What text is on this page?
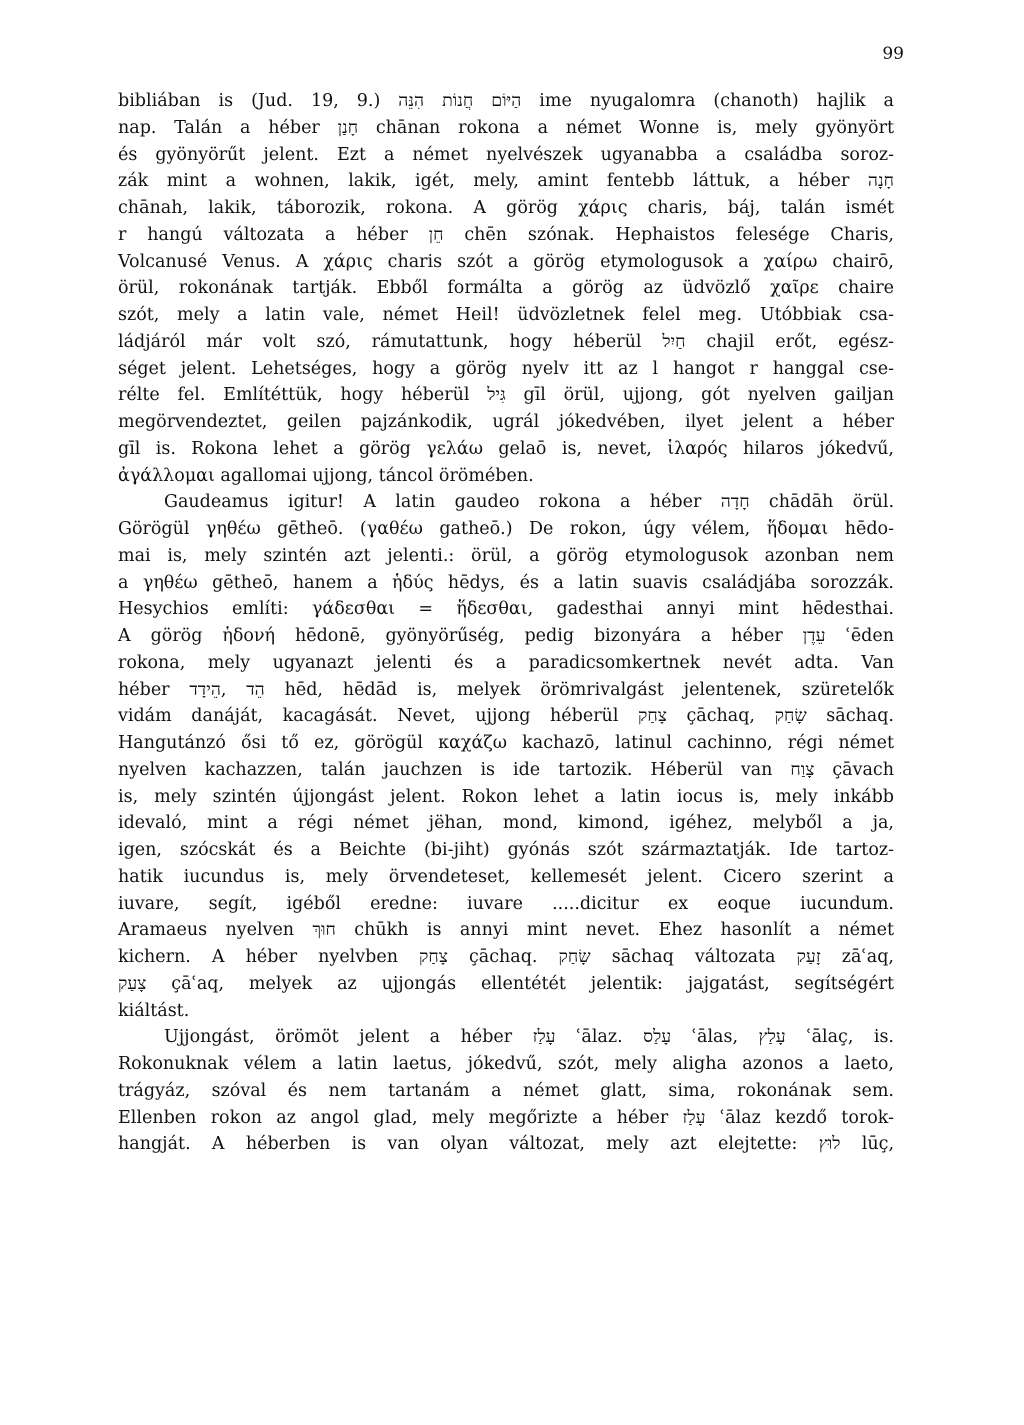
99
bibliában is (Jud. 19, 9.) הַיּוֹם חֲנוֹת הִנֵּה ime nyugalomra (chanoth) hajlik a
nap. Talán a héber חָנַן chānan rokona a német Wonne is, mely gyönyört
és gyönyörűt jelent. Ezt a német nyelvészek ugyanabba a családba soroz-
zák mint a wohnen, lakik, igét, mely, amint fentebb láttuk, a héber חָנָה
chānah, lakik, táborozik, rokona. A görög χάρις charis, báj, talán ismét
r hangú változata a héber חֵן chēn szónak. Hephaistos felesége Charis,
Volcanusé Venus. A χάρις charis szót a görög etymologusok a χαίρω chairō,
örül, rokonának tartják. Ebből formálta a görög az üdvözlő χαῖρε chaire
szót, mely a latin vale, német Heil! üdvözletnek felel meg. Utóbbiak csa-
ládjáról már volt szó, rámutattunk, hogy héberül חַיִל chajil erőt, egész-
séget jelent. Lehetséges, hogy a görög nyelv itt az l hangot r hanggal cse-
rélte fel. Említéttük, hogy héberül גִּיל gīl örül, ujjong, gót nyelven gailjan
megörvendeztet, geilen pajzánkodik, ugrál jókedvében, ilyet jelent a héber
gīl is. Rokona lehet a görög γελάω gelaō is, nevet, ἱλαρός hilaros jókedvű,
ἀγάλλομαι agallomai ujjong, táncol örömében.
Gaudeamus igitur! A latin gaudeo rokona a héber חָדָה chādāh örül.
Görögül γηθέω gētheō. (γαθέω gatheō.) De rokon, úgy vélem, ἥδομαι hēdo-
mai is, mely szintén azt jelenti.: örül, a görög etymologusok azonban nem
a γηθέω gētheō, hanem a ἡδύς hēdys, és a latin suavis családjába sorozzák.
Hesychios említi: γάδεσθαι = ἥδεσθαι, gadesthai annyi mint hēdesthai.
A görög ἡδονή hēdonē, gyönyörűség, pedig bizonyára a héber עֵדֶן ʿēden
rokona, mely ugyanazt jelenti és a paradicsomkertnek nevét adta. Van
héber הֵד ,הֵידָד hēd, hēdād is, melyek örömrivalgást jelentenek, szüretelők
vidám danáját, kacagását. Nevet, ujjong héberül צָחַק çāchaq, שָׂחַק sāchaq.
Hangutánzó ősi tő ez, görögül καχάζω kachazō, latinul cachinno, régi német
nyelven kachazzen, talán jauchzen is ide tartozik. Héberül van צָוַח çāvach
is, mely szintén újjongást jelent. Rokon lehet a latin iocus is, mely inkább
idevaló, mint a régi német jëhan, mond, kimond, igéhez, melyből a ja,
igen, szócskát és a Beichte (bi-jiht) gyónás szót származtatják. Ide tartoz-
hatik iucundus is, mely örvendeteset, kellemesét jelent. Cicero szerint a
iuvare, segít, igéből eredne: iuvare .....dicitur ex eoque iucundum.
Aramaeus nyelven חוּךְ chūkh is annyi mint nevet. Ehez hasonlít a német
kichern. A héber nyelvben צָחַק çāchaq. שָׂחַק sāchaq változata זָעַק zāʿaq,
צָעַק çāʿaq, melyek az ujjongás ellentétét jelentik: jajgatást, segítségért
kiáltást.
Ujjongást, örömöt jelent a héber עָלַז ʿālaz. עָלַס ʿālas, עָלַץ ʿālaç, is.
Rokonuknak vélem a latin laetus, jókedvű, szót, mely aligha azonos a laeto,
trágyáz, szóval és nem tartanám a német glatt, sima, rokonának sem.
Ellenben rokon az angol glad, mely megőrizte a héber עָלַז ʿālaz kezdő torok-
hangját. A héberben is van olyan változat, mely azt elejtette: לוּץ lūç,
